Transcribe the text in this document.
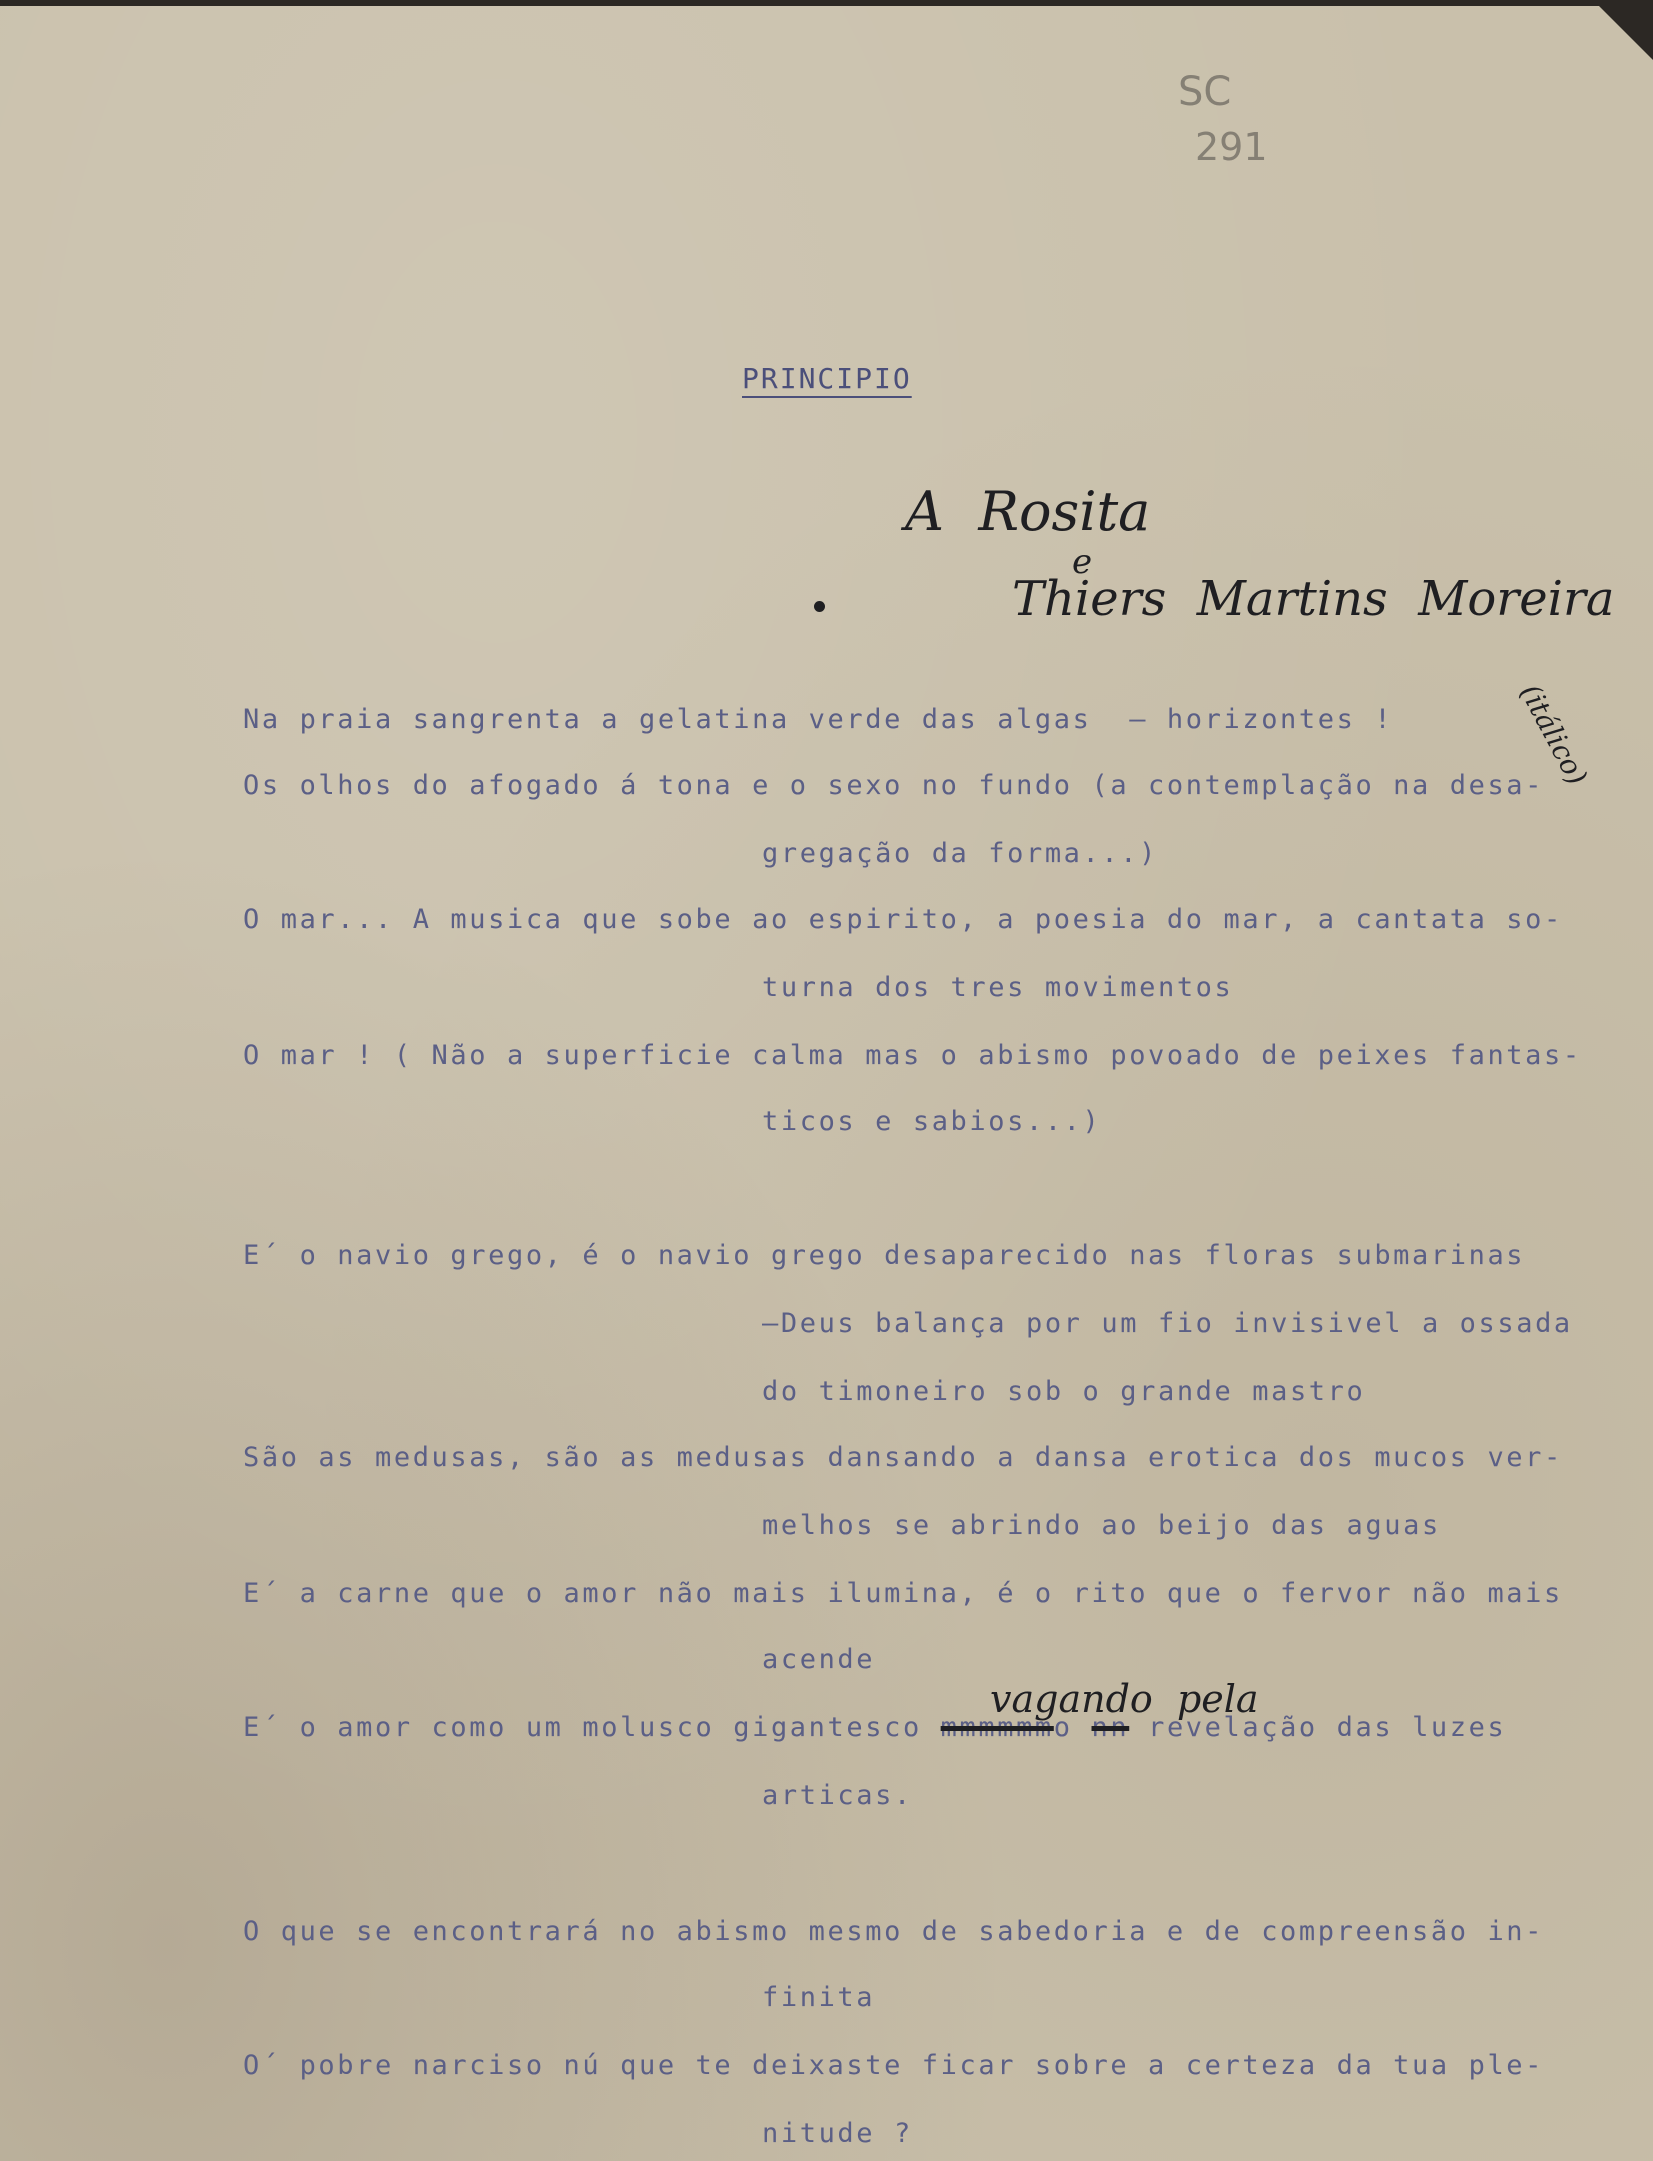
SC
291
PRINCIPIO
A  Rosita
e
Thiers  Martins  Moreira
(itálico)
Na praia sangrenta a gelatina verde das algas  — horizontes !
Os olhos do afogado á tona e o sexo no fundo (a contemplação na desa-
gregação da forma...)
O mar... A musica que sobe ao espirito, a poesia do mar, a cantata so-
turna dos tres movimentos
O mar ! ( Não a superficie calma mas o abismo povoado de peixes fantas-
ticos e sabios...)
E´ o navio grego, é o navio grego desaparecido nas floras submarinas
—Deus balança por um fio invisivel a ossada
do timoneiro sob o grande mastro
São as medusas, são as medusas dansando a dansa erotica dos mucos ver-
melhos se abrindo ao beijo das aguas
E´ a carne que o amor não mais ilumina, é o rito que o fervor não mais
acende
vagando  pela
E´ o amor como um molusco gigantesco mmmmmmo nn revelação das luzes
articas.
O que se encontrará no abismo mesmo de sabedoria e de compreensão in-
finita
O´ pobre narciso nú que te deixaste ficar sobre a certeza da tua ple-
nitude ?
